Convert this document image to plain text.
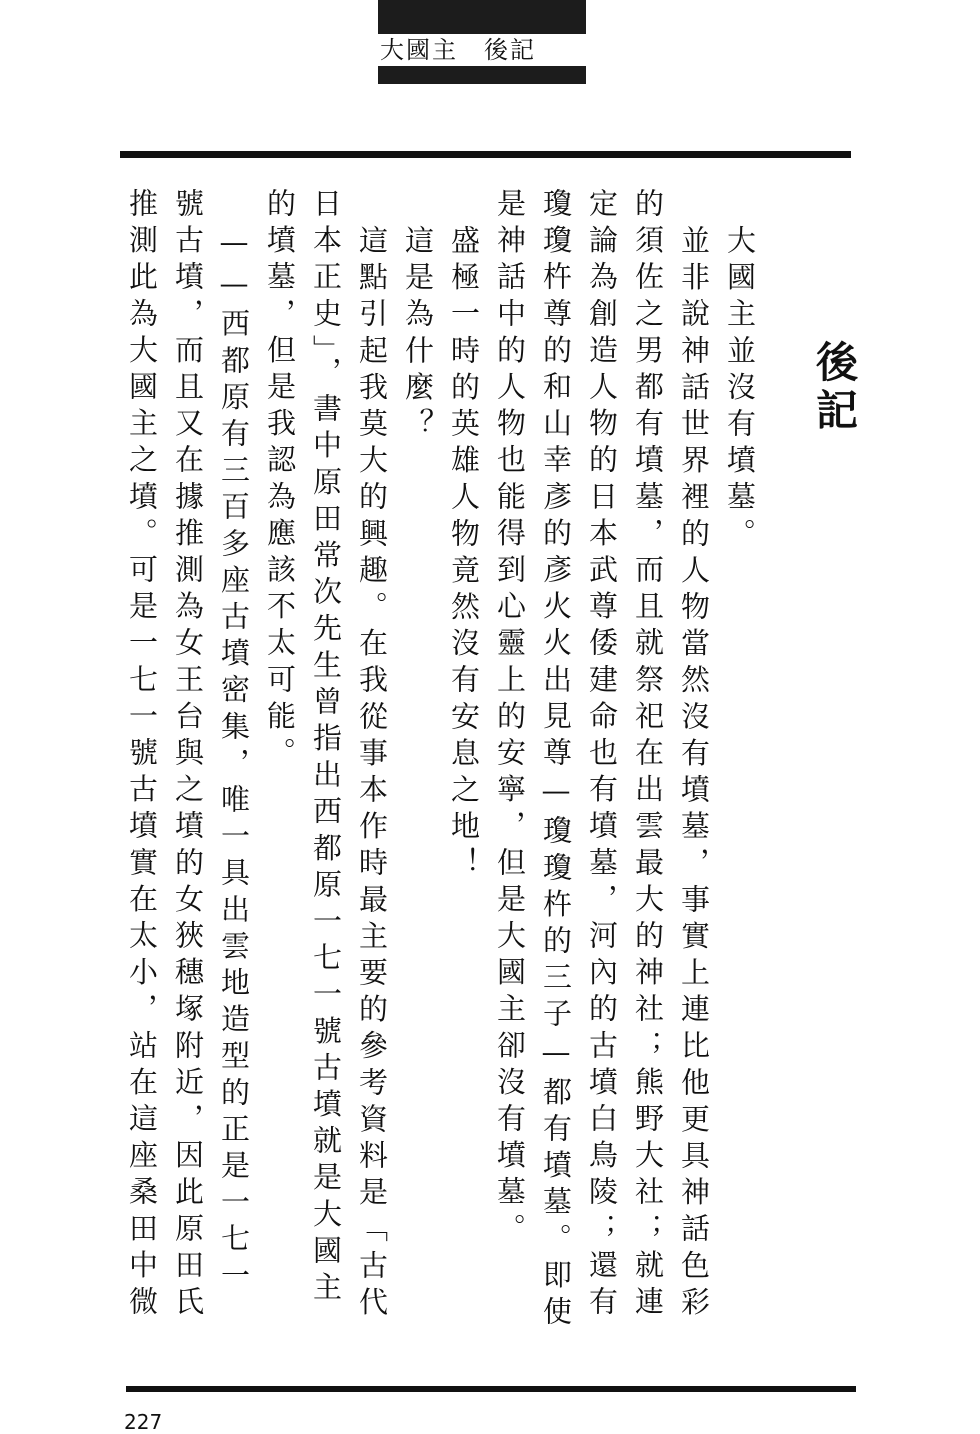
大國主　後記
後記
大國主並沒有墳墓。
並非說神話世界裡的人物當然沒有墳墓，事實上連比他更具神話色彩
的須佐之男都有墳墓，而且就祭祀在出雲最大的神社；熊野大社；就連
定論為創造人物的日本武尊倭建命也有墳墓，河內的古墳白鳥陵；還有
瓊瓊杵尊的和山幸彥的彥火火出見尊—瓊瓊杵的三子—都有墳墓。即使
是神話中的人物也能得到心靈上的安寧，但是大國主卻沒有墳墓。
盛極一時的英雄人物竟然沒有安息之地！
這是為什麼？
這點引起我莫大的興趣。在我從事本作時最主要的參考資料是「古代
日本正史」，書中原田常次先生曾指出西都原一七一號古墳就是大國主
的墳墓，但是我認為應該不太可能。
——西都原有三百多座古墳密集，唯一具出雲地造型的正是一七一
號古墳，而且又在據推測為女王台與之墳的女狹穗塚附近，因此原田氏
推測此為大國主之墳。可是一七一號古墳實在太小，站在這座桑田中微
227
